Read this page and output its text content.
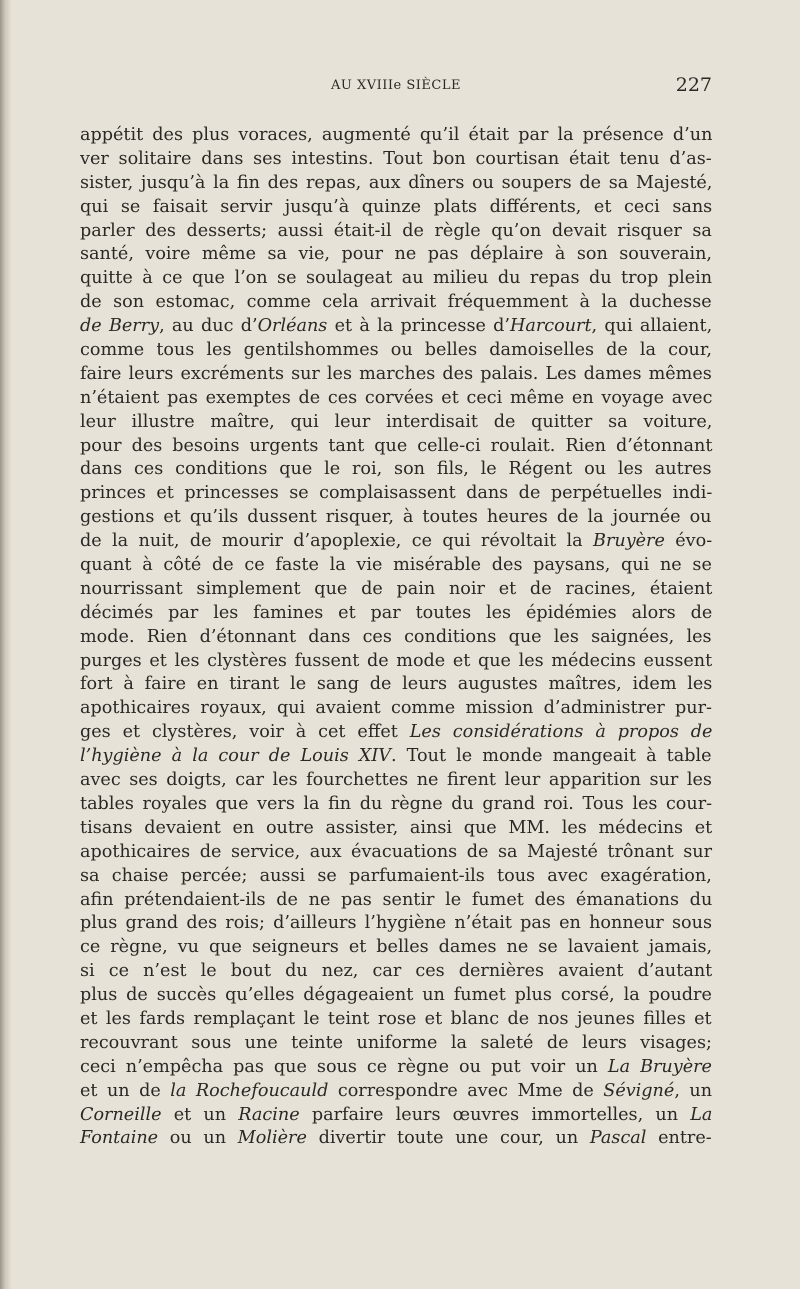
AU XVIIIe SIÈCLE	227
appétit des plus voraces, augmenté qu’il était par la présence d’un
ver solitaire dans ses intestins. Tout bon courtisan était tenu d’as-
sister, jusqu’à la fin des repas, aux dîners ou soupers de sa Majesté,
qui se faisait servir jusqu’à quinze plats différents, et ceci sans
parler des desserts; aussi était-il de règle qu’on devait risquer sa
santé, voire même sa vie, pour ne pas déplaire à son souverain,
quitte à ce que l’on se soulageat au milieu du repas du trop plein
de son estomac, comme cela arrivait fréquemment à la duchesse
de Berry, au duc d’Orléans et à la princesse d’Harcourt, qui allaient,
comme tous les gentilshommes ou belles damoiselles de la cour,
faire leurs excréments sur les marches des palais. Les dames mêmes
n’étaient pas exemptes de ces corvées et ceci même en voyage avec
leur illustre maître, qui leur interdisait de quitter sa voiture,
pour des besoins urgents tant que celle-ci roulait. Rien d’étonnant
dans ces conditions que le roi, son fils, le Régent ou les autres
princes et princesses se complaisassent dans de perpétuelles indi-
gestions et qu’ils dussent risquer, à toutes heures de la journée ou
de la nuit, de mourir d’apoplexie, ce qui révoltait la Bruyère évo-
quant à côté de ce faste la vie misérable des paysans, qui ne se
nourrissant simplement que de pain noir et de racines, étaient
décimés par les famines et par toutes les épidémies alors de
mode. Rien d’étonnant dans ces conditions que les saignées, les
purges et les clystères fussent de mode et que les médecins eussent
fort à faire en tirant le sang de leurs augustes maîtres, idem les
apothicaires royaux, qui avaient comme mission d’administrer pur-
ges et clystères, voir à cet effet Les considérations à propos de
l’hygiène à la cour de Louis XIV. Tout le monde mangeait à table
avec ses doigts, car les fourchettes ne firent leur apparition sur les
tables royales que vers la fin du règne du grand roi. Tous les cour-
tisans devaient en outre assister, ainsi que MM. les médecins et
apothicaires de service, aux évacuations de sa Majesté trônant sur
sa chaise percée; aussi se parfumaient-ils tous avec exagération,
afin prétendaient-ils de ne pas sentir le fumet des émanations du
plus grand des rois; d’ailleurs l’hygiène n’était pas en honneur sous
ce règne, vu que seigneurs et belles dames ne se lavaient jamais,
si ce n’est le bout du nez, car ces dernières avaient d’autant
plus de succès qu’elles dégageaient un fumet plus corsé, la poudre
et les fards remplaçant le teint rose et blanc de nos jeunes filles et
recouvrant sous une teinte uniforme la saleté de leurs visages;
ceci n’empêcha pas que sous ce règne ou put voir un La Bruyère
et un de la Rochefoucauld correspondre avec Mme de Sévigné, un
Corneille et un Racine parfaire leurs œuvres immortelles, un La
Fontaine ou un Molière divertir toute une cour, un Pascal entre-
